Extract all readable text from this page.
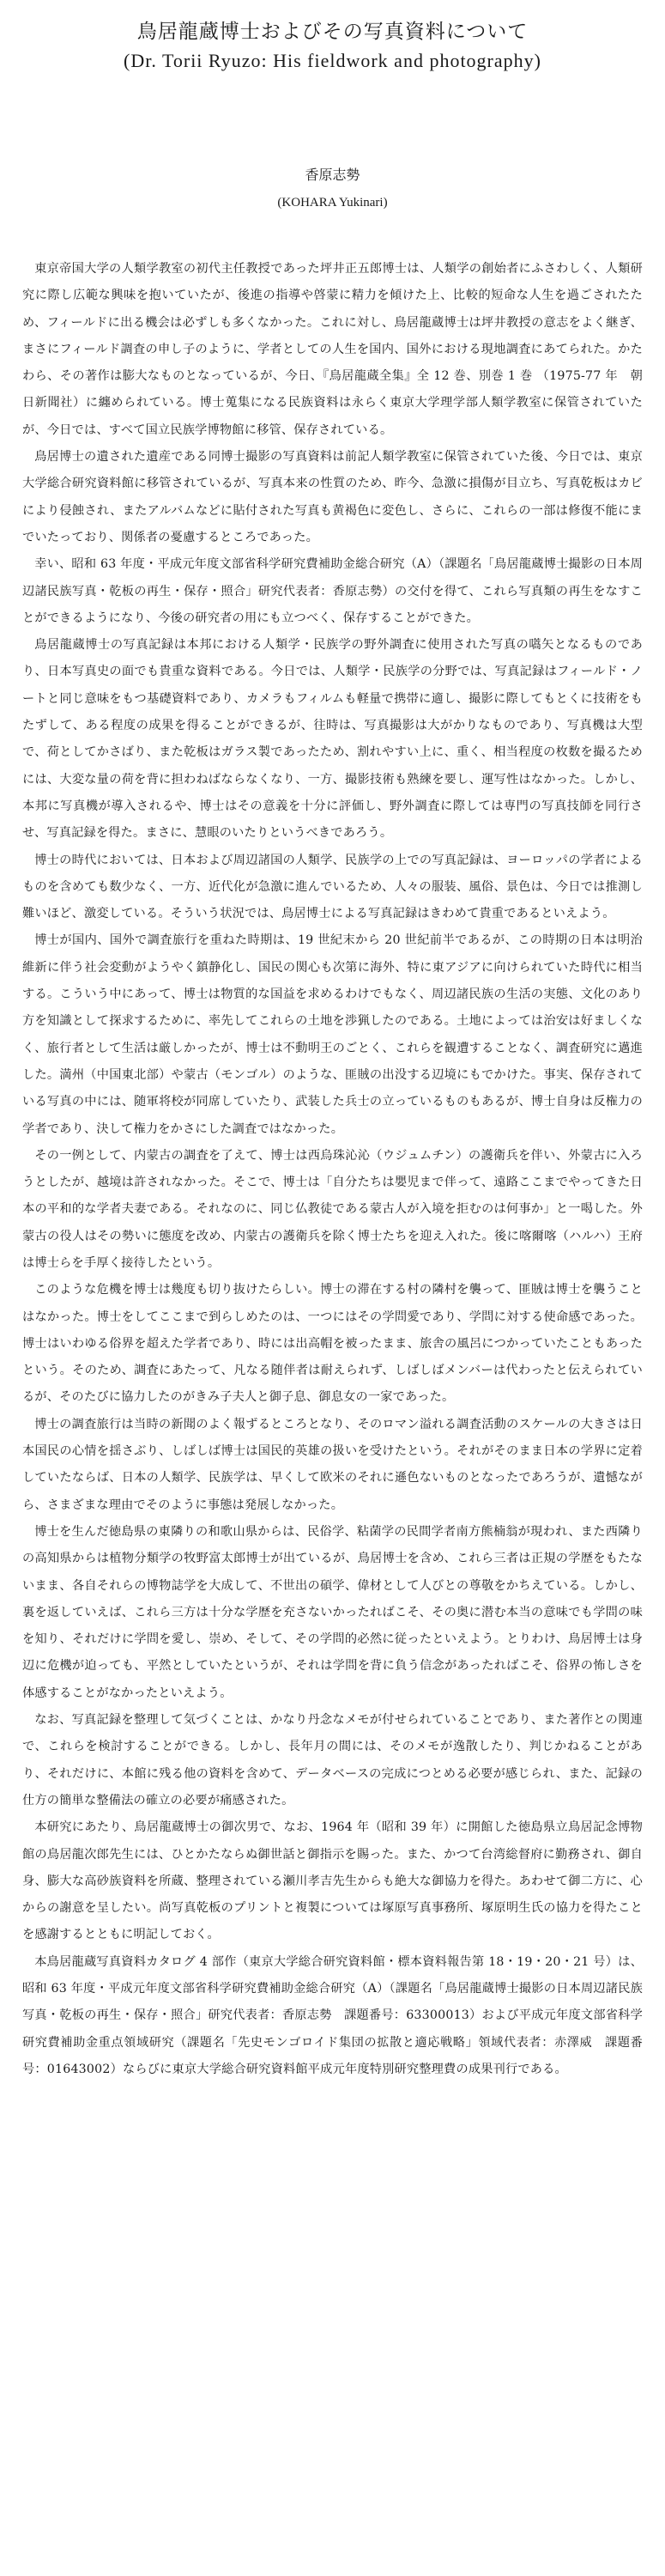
鳥居龍蔵博士およびその写真資料について
(Dr. Torii Ryuzo: His fieldwork and photography)
香原志勢
(KOHARA Yukinari)

東京帝国大学の人類学教室の初代主任教授であった坪井正五郎博士は、人類学の創始者にふさわしく、人類研究に際し広範な興味を抱いていたが、後進の指導や啓蒙に精力を傾けた上、比較的短命な人生を過ごされたため、フィールドに出る機会は必ずしも多くなかった。これに対し、鳥居龍蔵博士は坪井教授の意志をよく継ぎ、まさにフィールド調査の申し子のように、学者としての人生を国内、国外における現地調査にあてられた。かたわら、その著作は膨大なものとなっているが、今日、『鳥居龍蔵全集』全 12 巻、別巻 1 巻 （1975-77 年　朝日新聞社）に纏められている。博士蒐集になる民族資料は永らく東京大学理学部人類学教室に保管されていたが、今日では、すべて国立民族学博物館に移管、保存されている。

鳥居博士の遺された遺産である同博士撮影の写真資料は前記人類学教室に保管されていた後、今日では、東京大学総合研究資料館に移管されているが、写真本来の性質のため、昨今、急激に損傷が目立ち、写真乾板はカビにより侵蝕され、またアルバムなどに貼付された写真も黄褐色に変色し、さらに、これらの一部は修復不能にまでいたっており、関係者の憂慮するところであった。

幸い、昭和 63 年度・平成元年度文部省科学研究費補助金総合研究（A）（課題名「鳥居龍蔵博士撮影の日本周辺諸民族写真・乾板の再生・保存・照合」研究代表者：香原志勢）の交付を得て、これら写真類の再生をなすことができるようになり、今後の研究者の用にも立つべく、保存することができた。

鳥居龍蔵博士の写真記録は本邦における人類学・民族学の野外調査に使用された写真の嚆矢となるものであり、日本写真史の面でも貴重な資料である。今日では、人類学・民族学の分野では、写真記録はフィールド・ノートと同じ意味をもつ基礎資料であり、カメラもフィルムも軽量で携帯に適し、撮影に際してもとくに技術をもたずして、ある程度の成果を得ることができるが、往時は、写真撮影は大がかりなものであり、写真機は大型で、荷としてかさばり、また乾板はガラス製であったため、割れやすい上に、重く、相当程度の枚数を撮るためには、大変な量の荷を背に担わねばならなくなり、一方、撮影技術も熟練を要し、運写性はなかった。しかし、本邦に写真機が導入されるや、博士はその意義を十分に評価し、野外調査に際しては専門の写真技師を同行させ、写真記録を得た。まさに、慧眼のいたりというべきであろう。

博士の時代においては、日本および周辺諸国の人類学、民族学の上での写真記録は、ヨーロッパの学者によるものを含めても数少なく、一方、近代化が急激に進んでいるため、人々の服装、風俗、景色は、今日では推測し難いほど、激変している。そういう状況では、鳥居博士による写真記録はきわめて貴重であるといえよう。

博士が国内、国外で調査旅行を重ねた時期は、19 世紀末から 20 世紀前半であるが、この時期の日本は明治維新に伴う社会変動がようやく鎮静化し、国民の関心も次第に海外、特に東アジアに向けられていた時代に相当する。こういう中にあって、博士は物質的な国益を求めるわけでもなく、周辺諸民族の生活の実態、文化のあり方を知識として探求するために、率先してこれらの土地を渉猟したのである。土地によっては治安は好ましくなく、旅行者として生活は厳しかったが、博士は不動明王のごとく、これらを観遭することなく、調査研究に邁進した。満州（中国東北部）や蒙古（モンゴル）のような、匪賊の出没する辺境にもでかけた。事実、保存されている写真の中には、随軍将校が同席していたり、武装した兵士の立っているものもあるが、博士自身は反権力の学者であり、決して権力をかさにした調査ではなかった。

その一例として、内蒙古の調査を了えて、博士は西烏珠沁沁（ウジュムチン）の護衛兵を伴い、外蒙古に入ろうとしたが、越境は許されなかった。そこで、博士は「自分たちは嬰児まで伴って、遠路ここまでやってきた日本の平和的な学者夫妻である。それなのに、同じ仏教徒である蒙古人が入境を拒むのは何事か」と一喝した。外蒙古の役人はその勢いに態度を改め、内蒙古の護衛兵を除く博士たちを迎え入れた。後に喀爾喀（ハルハ）王府は博士らを手厚く接待したという。

このような危機を博士は幾度も切り抜けたらしい。博士の滞在する村の隣村を襲って、匪賊は博士を襲うことはなかった。博士をしてここまで到らしめたのは、一つにはその学問愛であり、学問に対する使命感であった。博士はいわゆる俗界を超えた学者であり、時には出高帽を被ったまま、旅舎の風呂につかっていたこともあったという。そのため、調査にあたって、凡なる随伴者は耐えられず、しばしばメンバーは代わったと伝えられているが、そのたびに協力したのがきみ子夫人と御子息、御息女の一家であった。

博士の調査旅行は当時の新聞のよく報ずるところとなり、そのロマン溢れる調査活動のスケールの大きさは日本国民の心情を揺さぶり、しばしば博士は国民的英雄の扱いを受けたという。それがそのまま日本の学界に定着していたならば、日本の人類学、民族学は、早くして欧米のそれに遜色ないものとなったであろうが、遺憾ながら、さまざまな理由でそのように事態は発展しなかった。

博士を生んだ徳島県の東隣りの和歌山県からは、民俗学、粘菌学の民間学者南方熊楠翁が現われ、また西隣りの高知県からは植物分類学の牧野富太郎博士が出ているが、鳥居博士を含め、これら三者は正規の学歴をもたないまま、各自それらの博物誌学を大成して、不世出の碩学、偉材として人びとの尊敬をかちえている。しかし、裏を返していえば、これら三方は十分な学歴を充さないかったればこそ、その奥に潜む本当の意味でも学問の味を知り、それだけに学問を愛し、崇め、そして、その学問的必然に従ったといえよう。とりわけ、鳥居博士は身辺に危機が迫っても、平然としていたというが、それは学問を背に負う信念があったればこそ、俗界の怖しさを体感することがなかったといえよう。

なお、写真記録を整理して気づくことは、かなり丹念なメモが付せられていることであり、また著作との関連で、これらを検討することができる。しかし、長年月の間には、そのメモが逸散したり、判じかねることがあり、それだけに、本館に残る他の資料を含めて、データベースの完成につとめる必要が感じられ、また、記録の仕方の簡単な整備法の確立の必要が痛感された。

本研究にあたり、鳥居龍蔵博士の御次男で、なお、1964 年（昭和 39 年）に開館した徳島県立鳥居記念博物館の鳥居龍次郎先生には、ひとかたならぬ御世話と御指示を賜った。また、かつて台湾総督府に勤務され、御自身、膨大な高砂族資料を所蔵、整理されている瀬川孝吉先生からも絶大な御協力を得た。あわせて御二方に、心からの謝意を呈したい。尚写真乾板のプリントと複製については塚原写真事務所、塚原明生氏の協力を得たことを感謝するとともに明記しておく。

本鳥居龍蔵写真資料カタログ 4 部作（東京大学総合研究資料館・標本資料報告第 18・19・20・21 号）は、昭和 63 年度・平成元年度文部省科学研究費補助金総合研究（A）（課題名「鳥居龍蔵博士撮影の日本周辺諸民族写真・乾板の再生・保存・照合」研究代表者：香原志勢　課題番号：63300013）および平成元年度文部省科学研究費補助金重点領域研究（課題名「先史モンゴロイド集団の拡散と適応戦略」領域代表者：赤澤威　課題番号：01643002）ならびに東京大学総合研究資料館平成元年度特別研究整理費の成果刊行である。
